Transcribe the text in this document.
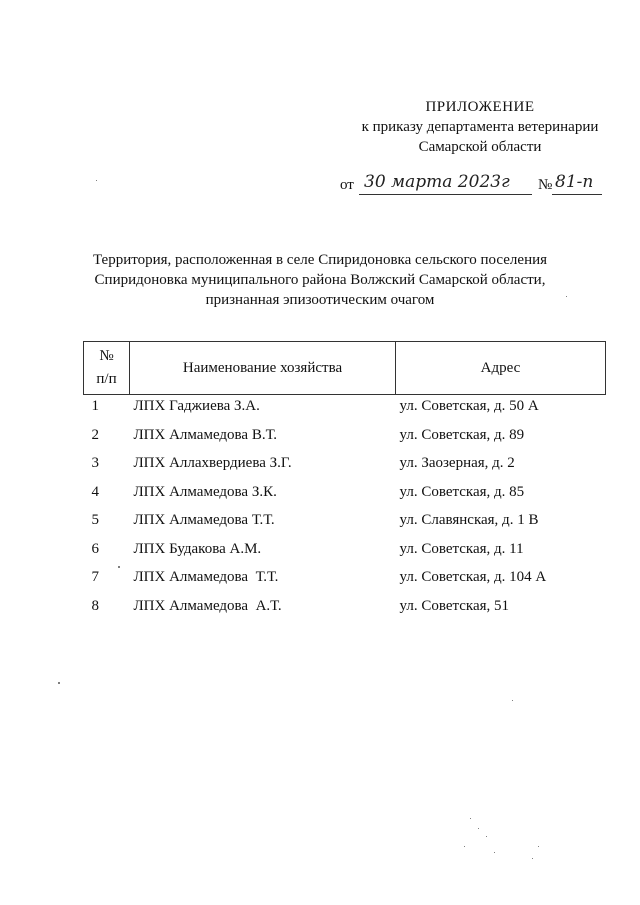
ПРИЛОЖЕНИЕ
к приказу департамента ветеринарии
Самарской области
от 30 марта 2023г № 81-п
Территория, расположенная в селе Спиридоновка сельского поселения
Спиридоновка муниципального района Волжский Самарской области,
признанная эпизоотическим очагом
№
п/п	Наименование хозяйства	Адрес
1	ЛПХ Гаджиева З.А.	ул. Советская, д. 50 А
2	ЛПХ Алмамедова В.Т.	ул. Советская, д. 89
3	ЛПХ Аллахвердиева З.Г.	ул. Заозерная, д. 2
4	ЛПХ Алмамедова З.К.	ул. Советская, д. 85
5	ЛПХ Алмамедова Т.Т.	ул. Славянская, д. 1 В
6	ЛПХ Будакова А.М.	ул. Советская, д. 11
7	ЛПХ Алмамедова  Т.Т.	ул. Советская, д. 104 А
8	ЛПХ Алмамедова  А.Т.	ул. Советская, 51
